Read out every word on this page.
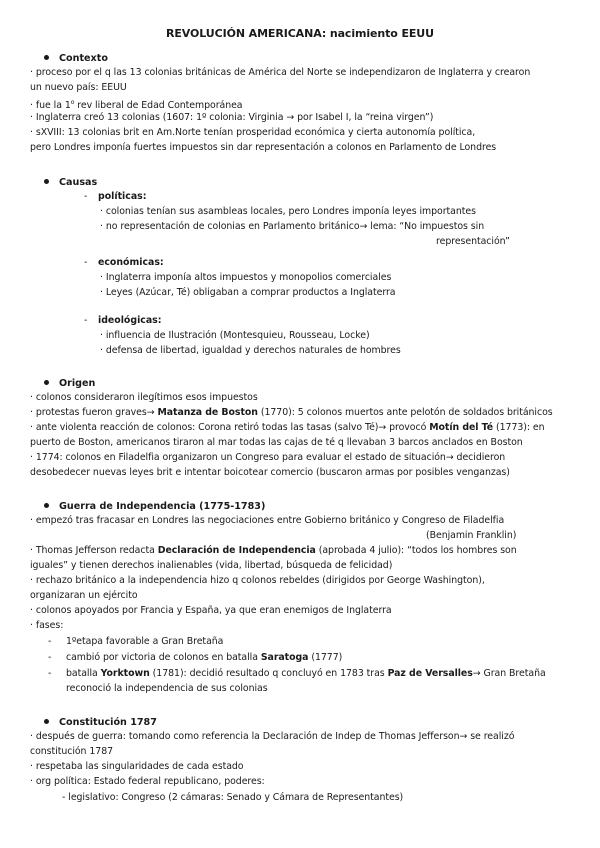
REVOLUCIÓN AMERICANA: nacimiento EEUU
Contexto
· proceso por el q las 13 colonias británicas de América del Norte se independizaron de Inglaterra y crearon
un nuevo país: EEUU
· fue la 1$^o$ rev liberal de Edad Contemporánea
· Inglaterra creó 13 colonias (1607: 1º colonia: Virginia → por Isabel I, la “reina virgen”)
· sXVIII: 13 colonias brit en Am.Norte tenían prosperidad económica y cierta autonomía política,
pero Londres imponía fuertes impuestos sin dar representación a colonos en Parlamento de Londres
Causas
- políticas:
· colonias tenían sus asambleas locales, pero Londres imponía leyes importantes
· no representación de colonias en Parlamento británico→ lema: “No impuestos sin
representación”
- económicas:
· Inglaterra imponía altos impuestos y monopolios comerciales
· Leyes (Azúcar, Té) obligaban a comprar productos a Inglaterra
- ideológicas:
· influencia de Ilustración (Montesquieu, Rousseau, Locke)
· defensa de libertad, igualdad y derechos naturales de hombres
Origen
· colonos consideraron ilegítimos esos impuestos
· protestas fueron graves→ Matanza de Boston (1770): 5 colonos muertos ante pelotón de soldados británicos
· ante violenta reacción de colonos: Corona retiró todas las tasas (salvo Té)→ provocó Motín del Té (1773): en
puerto de Boston, americanos tiraron al mar todas las cajas de té q llevaban 3 barcos anclados en Boston
· 1774: colonos en Filadelfia organizaron un Congreso para evaluar el estado de situación→ decidieron
desobedecer nuevas leyes brit e intentar boicotear comercio (buscaron armas por posibles venganzas)
Guerra de Independencia (1775-1783)
· empezó tras fracasar en Londres las negociaciones entre Gobierno británico y Congreso de Filadelfia
(Benjamin Franklin)
· Thomas Jefferson redacta Declaración de Independencia (aprobada 4 julio): “todos los hombres son
iguales” y tienen derechos inalienables (vida, libertad, búsqueda de felicidad)
· rechazo británico a la independencia hizo q colonos rebeldes (dirigidos por George Washington),
organizaran un ejército
· colonos apoyados por Francia y España, ya que eran enemigos de Inglaterra
· fases:
- 1ºetapa favorable a Gran Bretaña
- cambió por victoria de colonos en batalla Saratoga (1777)
- batalla Yorktown (1781): decidió resultado q concluyó en 1783 tras Paz de Versalles→ Gran Bretaña
reconoció la independencia de sus colonias
Constitución 1787
· después de guerra: tomando como referencia la Declaración de Indep de Thomas Jefferson→ se realizó
constitución 1787
· respetaba las singularidades de cada estado
· org política: Estado federal republicano, poderes:
- legislativo: Congreso (2 cámaras: Senado y Cámara de Representantes)
